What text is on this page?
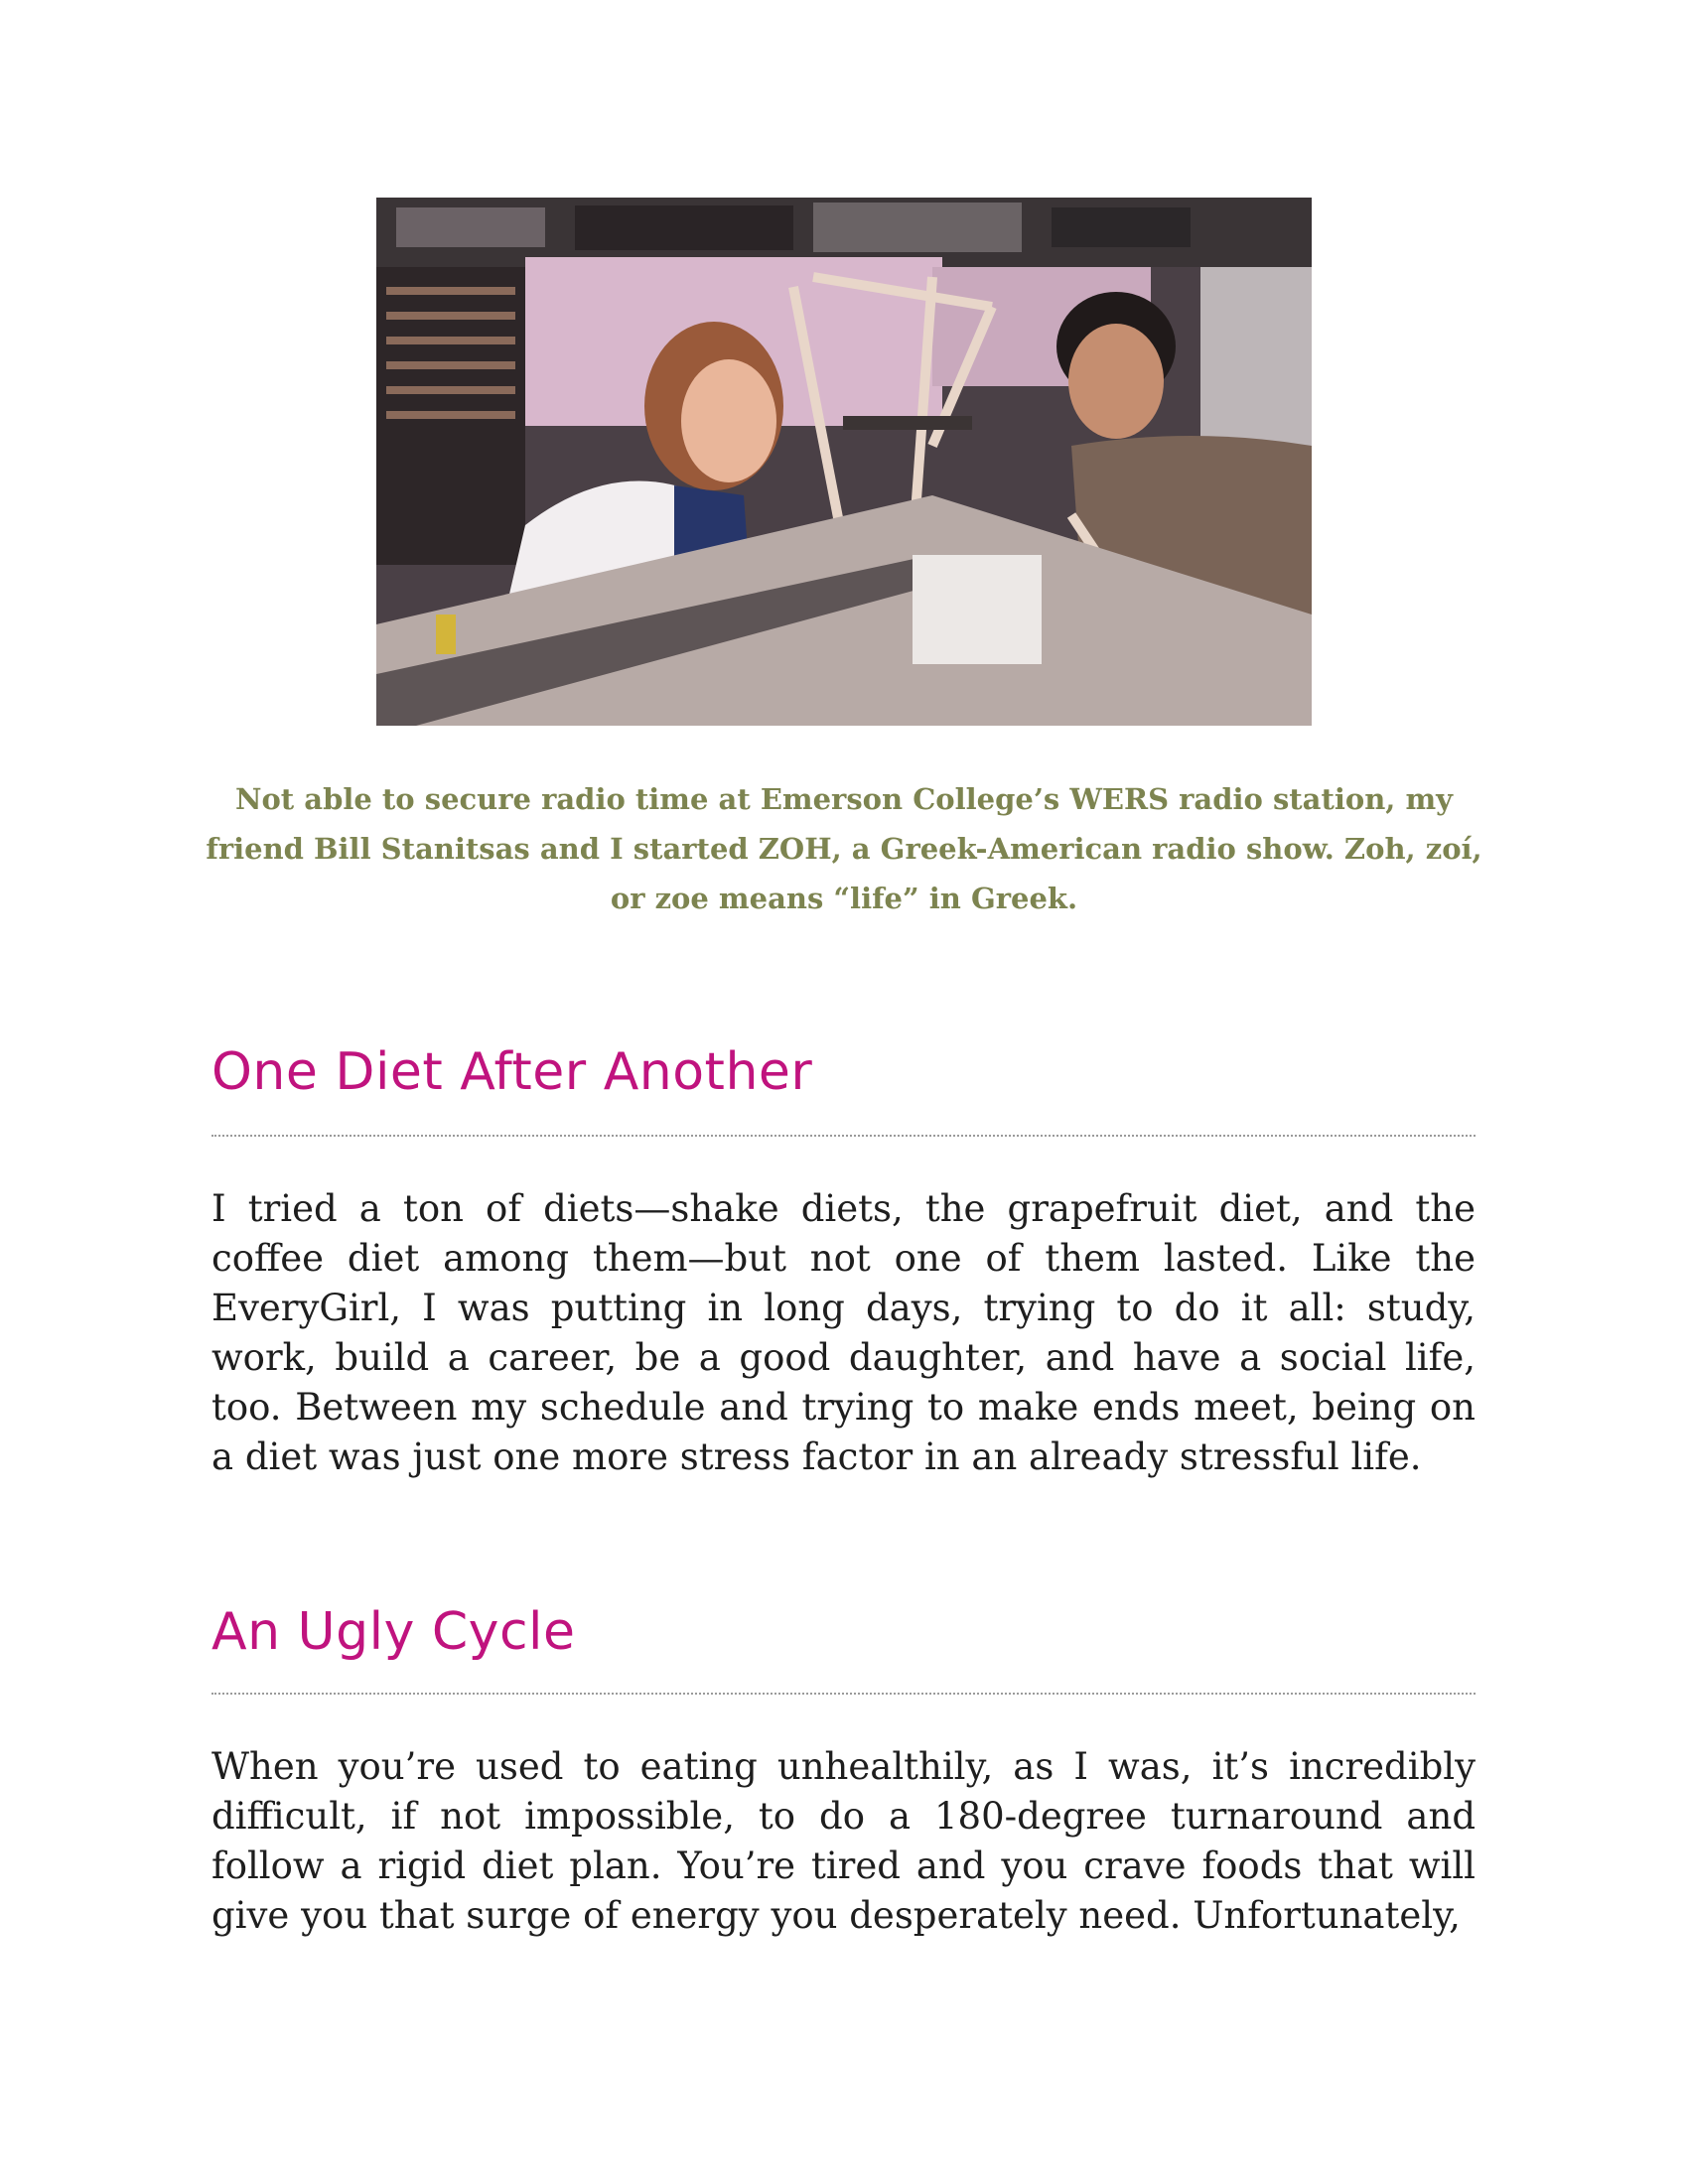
Not able to secure radio time at Emerson College’s WERS radio station, my friend Bill Stanitsas and I started ZOH, a Greek-American radio show. Zoh, zoí, or zoe means “life” in Greek.
One Diet After Another

I tried a ton of diets—shake diets, the grapefruit diet, and the coffee diet among them—but not one of them lasted. Like the EveryGirl, I was putting in long days, trying to do it all: study, work, build a career, be a good daughter, and have a social life, too. Between my schedule and trying to make ends meet, being on a diet was just one more stress factor in an already stressful life.

An Ugly Cycle

When you’re used to eating unhealthily, as I was, it’s incredibly difficult, if not impossible, to do a 180-degree turnaround and follow a rigid diet plan. You’re tired and you crave foods that will give you that surge of energy you desperately need. Unfortunately,
